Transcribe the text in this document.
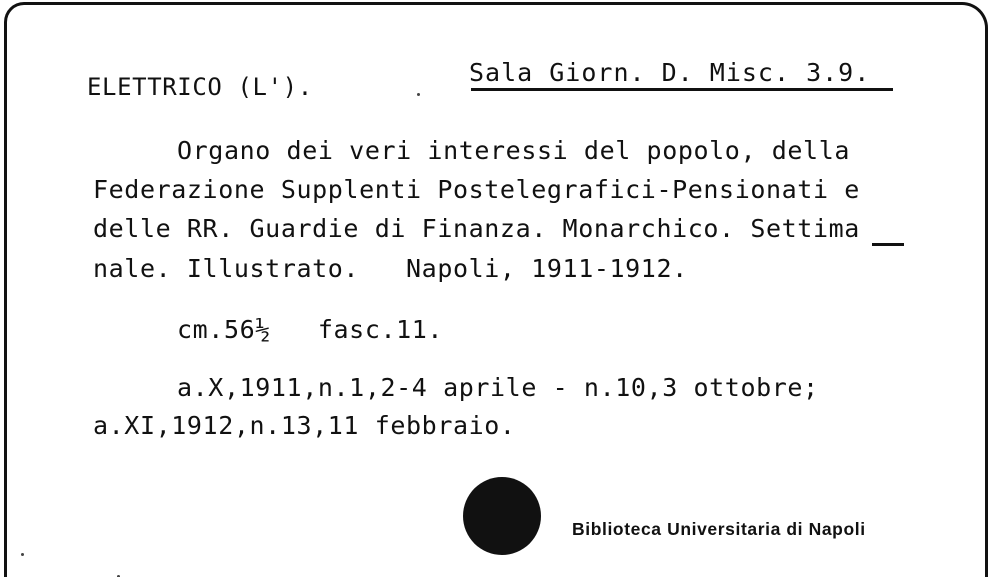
ELETTRICO (L').	Sala Giorn. D. Misc. 3.9.
Organo dei veri interessi del popolo, della
Federazione Supplenti Postelegrafici-Pensionati e
delle RR. Guardie di Finanza. Monarchico. Settima
nale. Illustrato.   Napoli, 1911-1912.
cm.56½   fasc.11.
a.X,1911,n.1,2-4 aprile - n.10,3 ottobre;
a.XI,1912,n.13,11 febbraio.
Biblioteca Universitaria di Napoli
